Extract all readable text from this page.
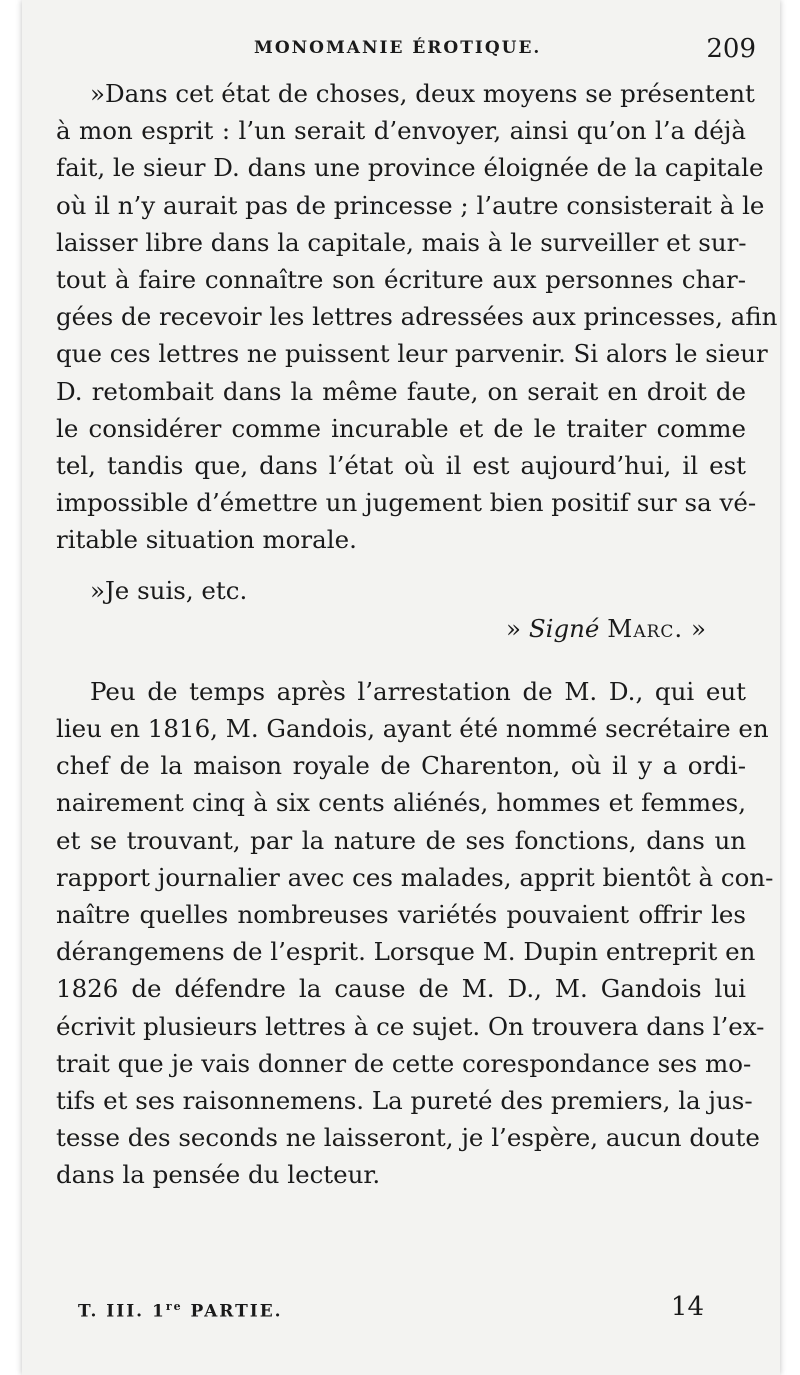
MONOMANIE ÉROTIQUE.	209
»Dans cet état de choses, deux moyens se présentent
à mon esprit : l’un serait d’envoyer, ainsi qu’on l’a déjà
fait, le sieur D. dans une province éloignée de la capitale
où il n’y aurait pas de princesse ; l’autre consisterait à le
laisser libre dans la capitale, mais à le surveiller et sur-
tout à faire connaître son écriture aux personnes char-
gées de recevoir les lettres adressées aux princesses, afin
que ces lettres ne puissent leur parvenir. Si alors le sieur
D. retombait dans la même faute, on serait en droit de
le considérer comme incurable et de le traiter comme
tel, tandis que, dans l’état où il est aujourd’hui, il est
impossible d’émettre un jugement bien positif sur sa vé-
ritable situation morale.
»Je suis, etc.
» Signé Marc. »
Peu de temps après l’arrestation de M. D., qui eut
lieu en 1816, M. Gandois, ayant été nommé secrétaire en
chef de la maison royale de Charenton, où il y a ordi-
nairement cinq à six cents aliénés, hommes et femmes,
et se trouvant, par la nature de ses fonctions, dans un
rapport journalier avec ces malades, apprit bientôt à con-
naître quelles nombreuses variétés pouvaient offrir les
dérangemens de l’esprit. Lorsque M. Dupin entreprit en
1826 de défendre la cause de M. D., M. Gandois lui
écrivit plusieurs lettres à ce sujet. On trouvera dans l’ex-
trait que je vais donner de cette corespondance ses mo-
tifs et ses raisonnemens. La pureté des premiers, la jus-
tesse des seconds ne laisseront, je l’espère, aucun doute
dans la pensée du lecteur.
T. III. 1re PARTIE.	14
